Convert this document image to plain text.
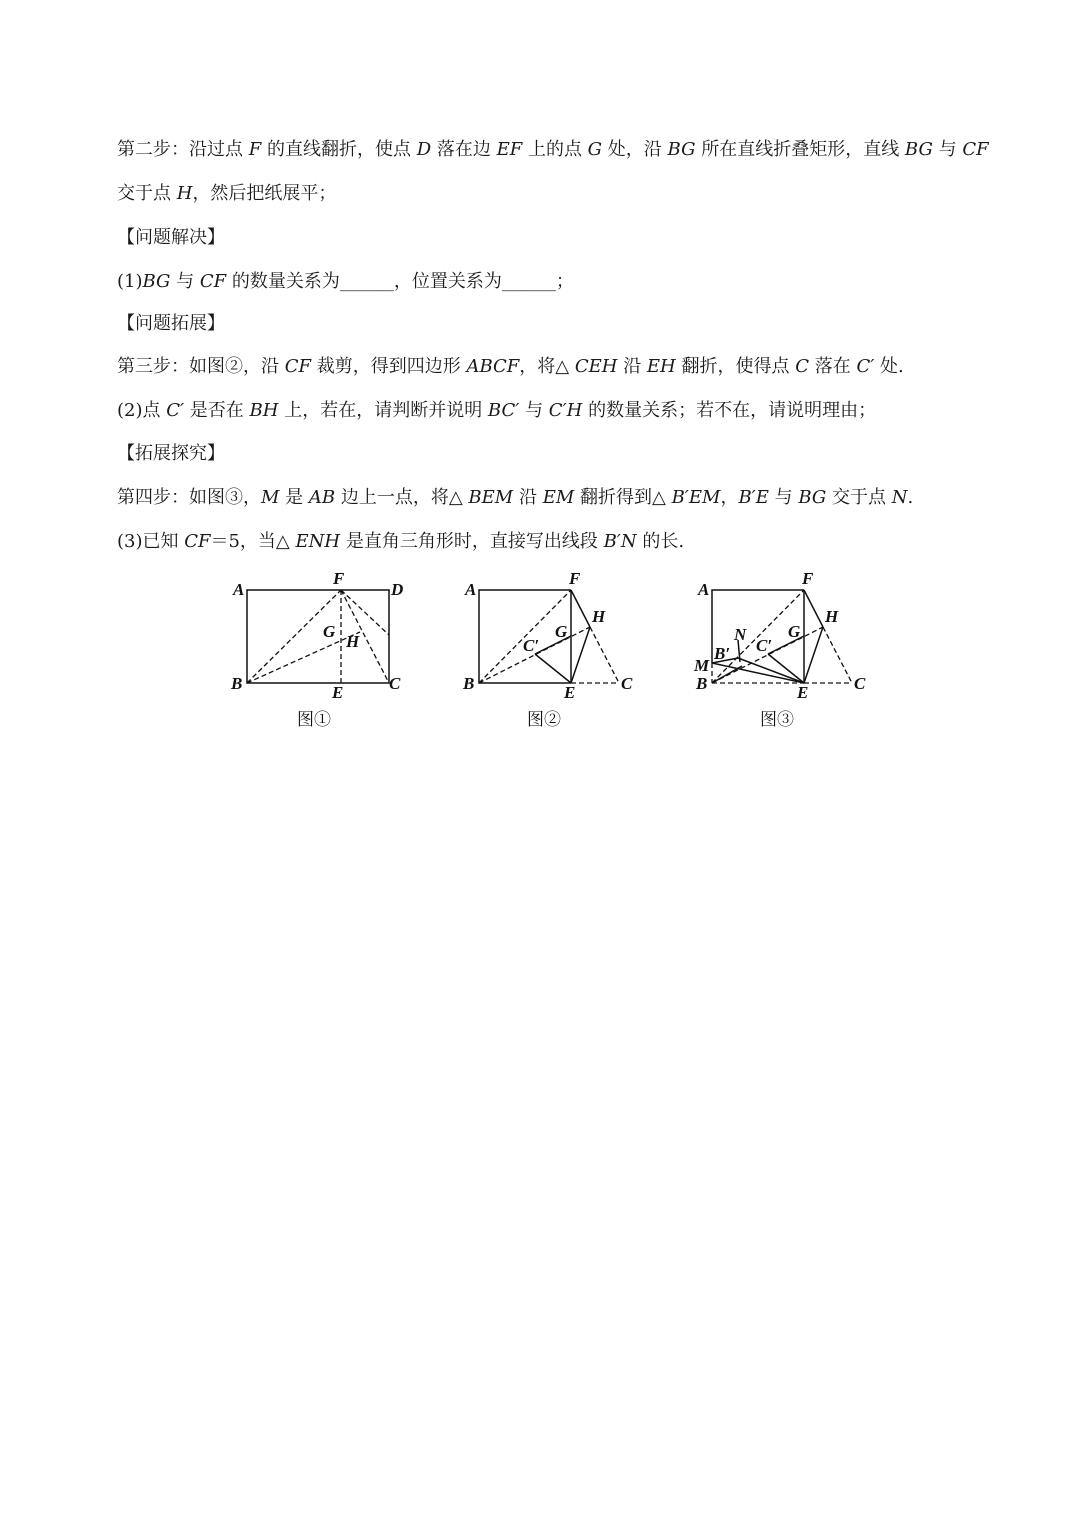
第二步：沿过点 F 的直线翻折，使点 D 落在边 EF 上的点 G 处，沿 BG 所在直线折叠矩形，直线 BG 与 CF
交于点 H，然后把纸展平；
【问题解决】
(1)BG 与 CF 的数量关系为______，位置关系为______；
【问题拓展】
第三步：如图②，沿 CF 裁剪，得到四边形 ABCF，将△ CEH 沿 EH 翻折，使得点 C 落在 C′ 处.
(2)点 C′ 是否在 BH 上，若在，请判断并说明 BC′ 与 C′H 的数量关系；若不在，请说明理由；
【拓展探究】
第四步：如图③，M 是 AB 边上一点，将△ BEM 沿 EM 翻折得到△ B′EM，B′E 与 BG 交于点 N.
(3)已知 CF＝5，当△ ENH 是直角三角形时，直接写出线段 B′N 的长.
A
F
D
G
H
B	E	C
图①
A
F
H
G
C′
B	E	C
图②
A
F
H
N G
B′ C′
M
B	E	C
图③
